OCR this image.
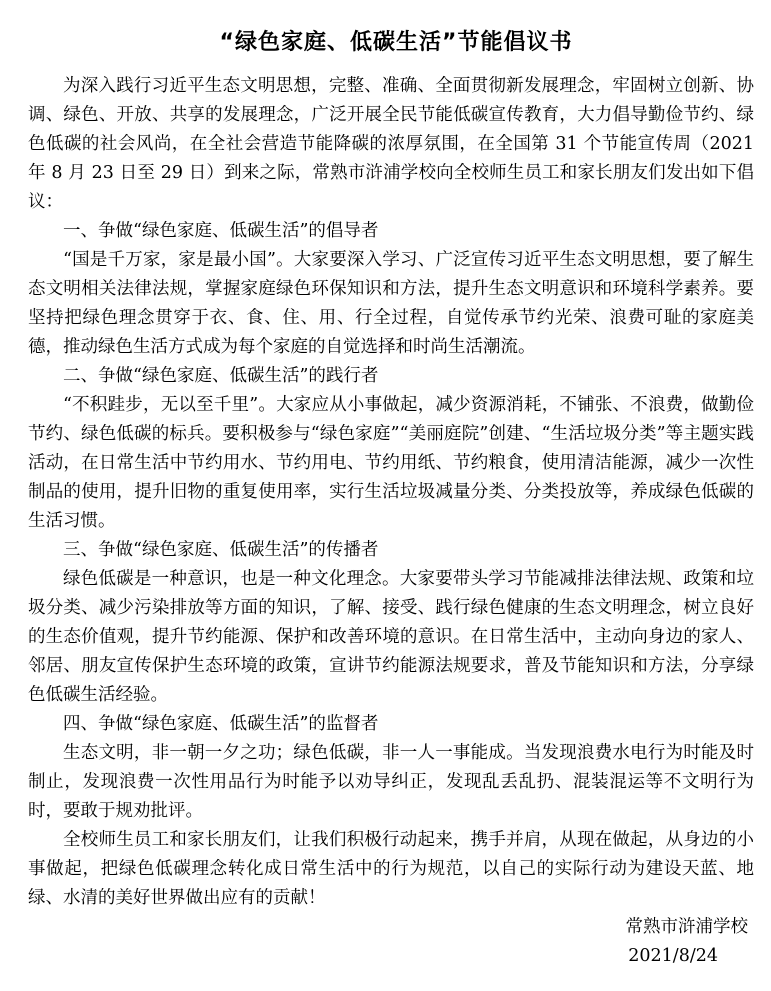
“绿色家庭、低碳生活”节能倡议书

为深入践行习近平生态文明思想，完整、准确、全面贯彻新发展理念，牢固树立创新、协调、绿色、开放、共享的发展理念，广泛开展全民节能低碳宣传教育，大力倡导勤俭节约、绿色低碳的社会风尚，在全社会营造节能降碳的浓厚氛围，在全国第 31 个节能宣传周（2021 年 8 月 23 日至 29 日）到来之际，常熟市浒浦学校向全校师生员工和家长朋友们发出如下倡议：

一、争做“绿色家庭、低碳生活”的倡导者

“国是千万家，家是最小国”。大家要深入学习、广泛宣传习近平生态文明思想，要了解生态文明相关法律法规，掌握家庭绿色环保知识和方法，提升生态文明意识和环境科学素养。要坚持把绿色理念贯穿于衣、食、住、用、行全过程，自觉传承节约光荣、浪费可耻的家庭美德，推动绿色生活方式成为每个家庭的自觉选择和时尚生活潮流。

二、争做“绿色家庭、低碳生活”的践行者

“不积跬步，无以至千里”。大家应从小事做起，减少资源消耗，不铺张、不浪费，做勤俭节约、绿色低碳的标兵。要积极参与“绿色家庭”“美丽庭院”创建、“生活垃圾分类”等主题实践活动，在日常生活中节约用水、节约用电、节约用纸、节约粮食，使用清洁能源，减少一次性制品的使用，提升旧物的重复使用率，实行生活垃圾减量分类、分类投放等，养成绿色低碳的生活习惯。

三、争做“绿色家庭、低碳生活”的传播者

绿色低碳是一种意识，也是一种文化理念。大家要带头学习节能减排法律法规、政策和垃圾分类、减少污染排放等方面的知识，了解、接受、践行绿色健康的生态文明理念，树立良好的生态价值观，提升节约能源、保护和改善环境的意识。在日常生活中，主动向身边的家人、邻居、朋友宣传保护生态环境的政策，宣讲节约能源法规要求，普及节能知识和方法，分享绿色低碳生活经验。

四、争做“绿色家庭、低碳生活”的监督者

生态文明，非一朝一夕之功；绿色低碳，非一人一事能成。当发现浪费水电行为时能及时制止，发现浪费一次性用品行为时能予以劝导纠正，发现乱丢乱扔、混装混运等不文明行为时，要敢于规劝批评。

全校师生员工和家长朋友们，让我们积极行动起来，携手并肩，从现在做起，从身边的小事做起，把绿色低碳理念转化成日常生活中的行为规范，以自己的实际行动为建设天蓝、地绿、水清的美好世界做出应有的贡献！

常熟市浒浦学校
2021/8/24
